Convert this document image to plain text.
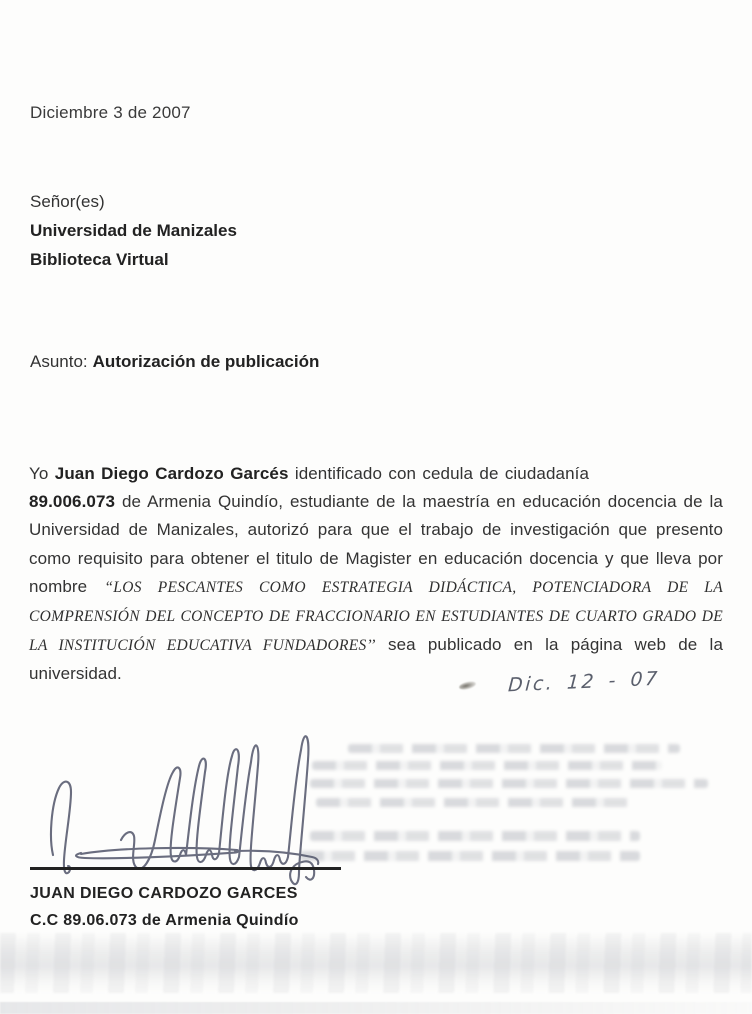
Diciembre 3 de 2007
Señor(es)
Universidad de Manizales
Biblioteca Virtual
Asunto: Autorización de publicación

Yo Juan Diego Cardozo Garcés identificado con cedula de ciudadanía
89.006.073 de Armenia Quindío, estudiante de la maestría en educación docencia de la Universidad de Manizales, autorizó para que el trabajo de investigación que presento como requisito para obtener el titulo de Magister en educación docencia y que lleva por nombre “LOS PESCANTES COMO ESTRATEGIA DIDÁCTICA, POTENCIADORA DE LA COMPRENSIÓN DEL CONCEPTO DE FRACCIONARIO EN ESTUDIANTES DE CUARTO GRADO DE LA INSTITUCIÓN EDUCATIVA FUNDADORES’’ sea publicado en la página web de la universidad.	Dic. 12 - 07
JUAN DIEGO CARDOZO GARCES
C.C 89.06.073 de Armenia Quindío
